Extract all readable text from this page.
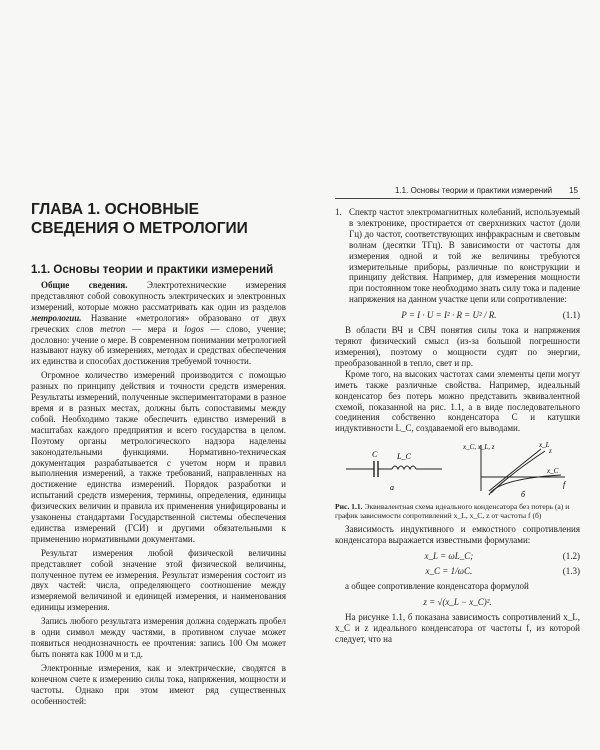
ГЛАВА 1. ОСНОВНЫЕ СВЕДЕНИЯ О МЕТРОЛОГИИ
1.1. Основы теории и практики измерений

Общие сведения. Электротехнические измерения представляют собой совокупность электрических и электронных измерений, которые можно рассматривать как один из разделов метрологии. Название «метрология» образовано от двух греческих слов metron — мера и logos — слово, учение; дословно: учение о мере. В современном понимании метрологией называют науку об измерениях, методах и средствах обеспечения их единства и способах достижения требуемой точности.

Огромное количество измерений производится с помощью разных по принципу действия и точности средств измерения. Результаты измерений, полученные экспериментаторами в разное время и в разных местах, должны быть сопоставимы между собой. Необходимо также обеспечить единство измерений в масштабах каждого предприятия и всего государства в целом. Поэтому органы метрологического надзора наделены законодательными функциями. Нормативно-техническая документация разрабатывается с учетом норм и правил выполнения измерений, а также требований, направленных на достижение единства измерений. Порядок разработки и испытаний средств измерения, термины, определения, единицы физических величин и правила их применения унифицированы и узаконены стандартами Государственной системы обеспечения единства измерений (ГСИ) и другими обязательными к применению нормативными документами.

Результат измерения любой физической величины представляет собой значение этой физической величины, полученное путем ее измерения. Результат измерения состоит из двух частей: числа, определяющего соотношение между измеряемой величиной и единицей измерения, и наименования единицы измерения.

Запись любого результата измерения должна содержать пробел в одни символ между частями, в противном случае может появиться неоднозначность ее прочтения: запись 100 Ом может быть понята как 1000 м и т.д.

Электронные измерения, как и электрические, сводятся в конечном счете к измерению силы тока, напряжения, мощности и частоты. Однако при этом имеют ряд существенных особенностей:

1.1. Основы теории и практики измерений 15
1. Спектр частот электромагнитных колебаний, используемый в электронике, простирается от сверхнизких частот (доли Гц) до частот, соответствующих инфракрасным и световым волнам (десятки ТГц). В зависимости от частоты для измерения одной и той же величины требуются измерительные приборы, различные по конструкции и принципу действия. Например, для измерения мощности при постоянном токе необходимо знать силу тока и падение напряжения на данном участке цепи или сопротивление:

P = I · U = I² · R = U² / R.	(1.1)

В области ВЧ и СВЧ понятия силы тока и напряжения теряют физический смысл (из-за большой погрешности измерения), поэтому о мощности судят по энергии, преобразованной в тепло, свет и пр.

Кроме того, на высоких частотах сами элементы цепи могут иметь также различные свойства. Например, идеальный конденсатор без потерь можно представить эквивалентной схемой, показанной на рис. 1.1, а в виде последовательного соединения собственно конденсатора C и катушки индуктивности L_C, создаваемой его выводами.

C L_C
а
x_C, x_L, z
f
x_L
z
x_C
б

Рис. 1.1. Эквивалентная схема идеального конденсатора без потерь (а) и график зависимости сопротивлений x_L, x_C, z от частоты f (б)

Зависимость индуктивного и емкостного сопротивления конденсатора выражается известными формулами:

x_L = ωL_C;	(1.2)
x_C = 1/ωC.	(1.3)

а общее сопротивление конденсатора формулой

z = √(x_L − x_C)².

На рисунке 1.1, б показана зависимость сопротивлений x_L, x_C и z идеального конденсатора от частоты f, из которой следует, что на
